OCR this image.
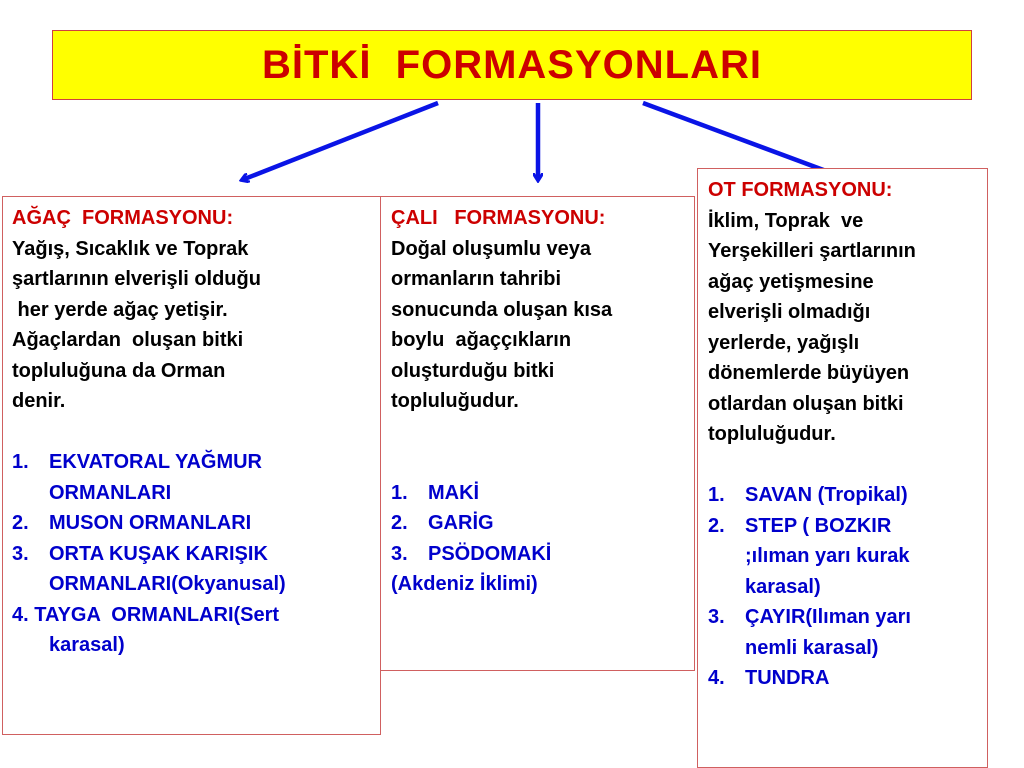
BİTKİ  FORMASYONLARI
AĞAÇ  FORMASYONU:
Yağış, Sıcaklık ve Toprak
şartlarının elverişli olduğu
her yerde ağaç yetişir.
Ağaçlardan  oluşan bitki
topluluğuna da Orman
denir.
1.	EKVATORAL YAĞMUR
ORMANLARI
2.	MUSON ORMANLARI
3.	ORTA KUŞAK KARIŞIK
ORMANLARI(Okyanusal)
4. TAYGA  ORMANLARI(Sert
karasal)
ÇALI   FORMASYONU:
Doğal oluşumlu veya
ormanların tahribi
sonucunda oluşan kısa
boylu  ağaççıkların
oluşturduğu bitki
topluluğudur.
1.	MAKİ
2.	GARİG
3.	PSÖDOMAKİ
(Akdeniz İklimi)
OT FORMASYONU:
İklim, Toprak  ve
Yerşekilleri şartlarının
ağaç yetişmesine
elverişli olmadığı
yerlerde, yağışlı
dönemlerde büyüyen
otlardan oluşan bitki
topluluğudur.
1.	SAVAN (Tropikal)
2.	STEP ( BOZKIR
;ılıman yarı kurak
karasal)
3.	ÇAYIR(Ilıman yarı
nemli karasal)
4.	TUNDRA
